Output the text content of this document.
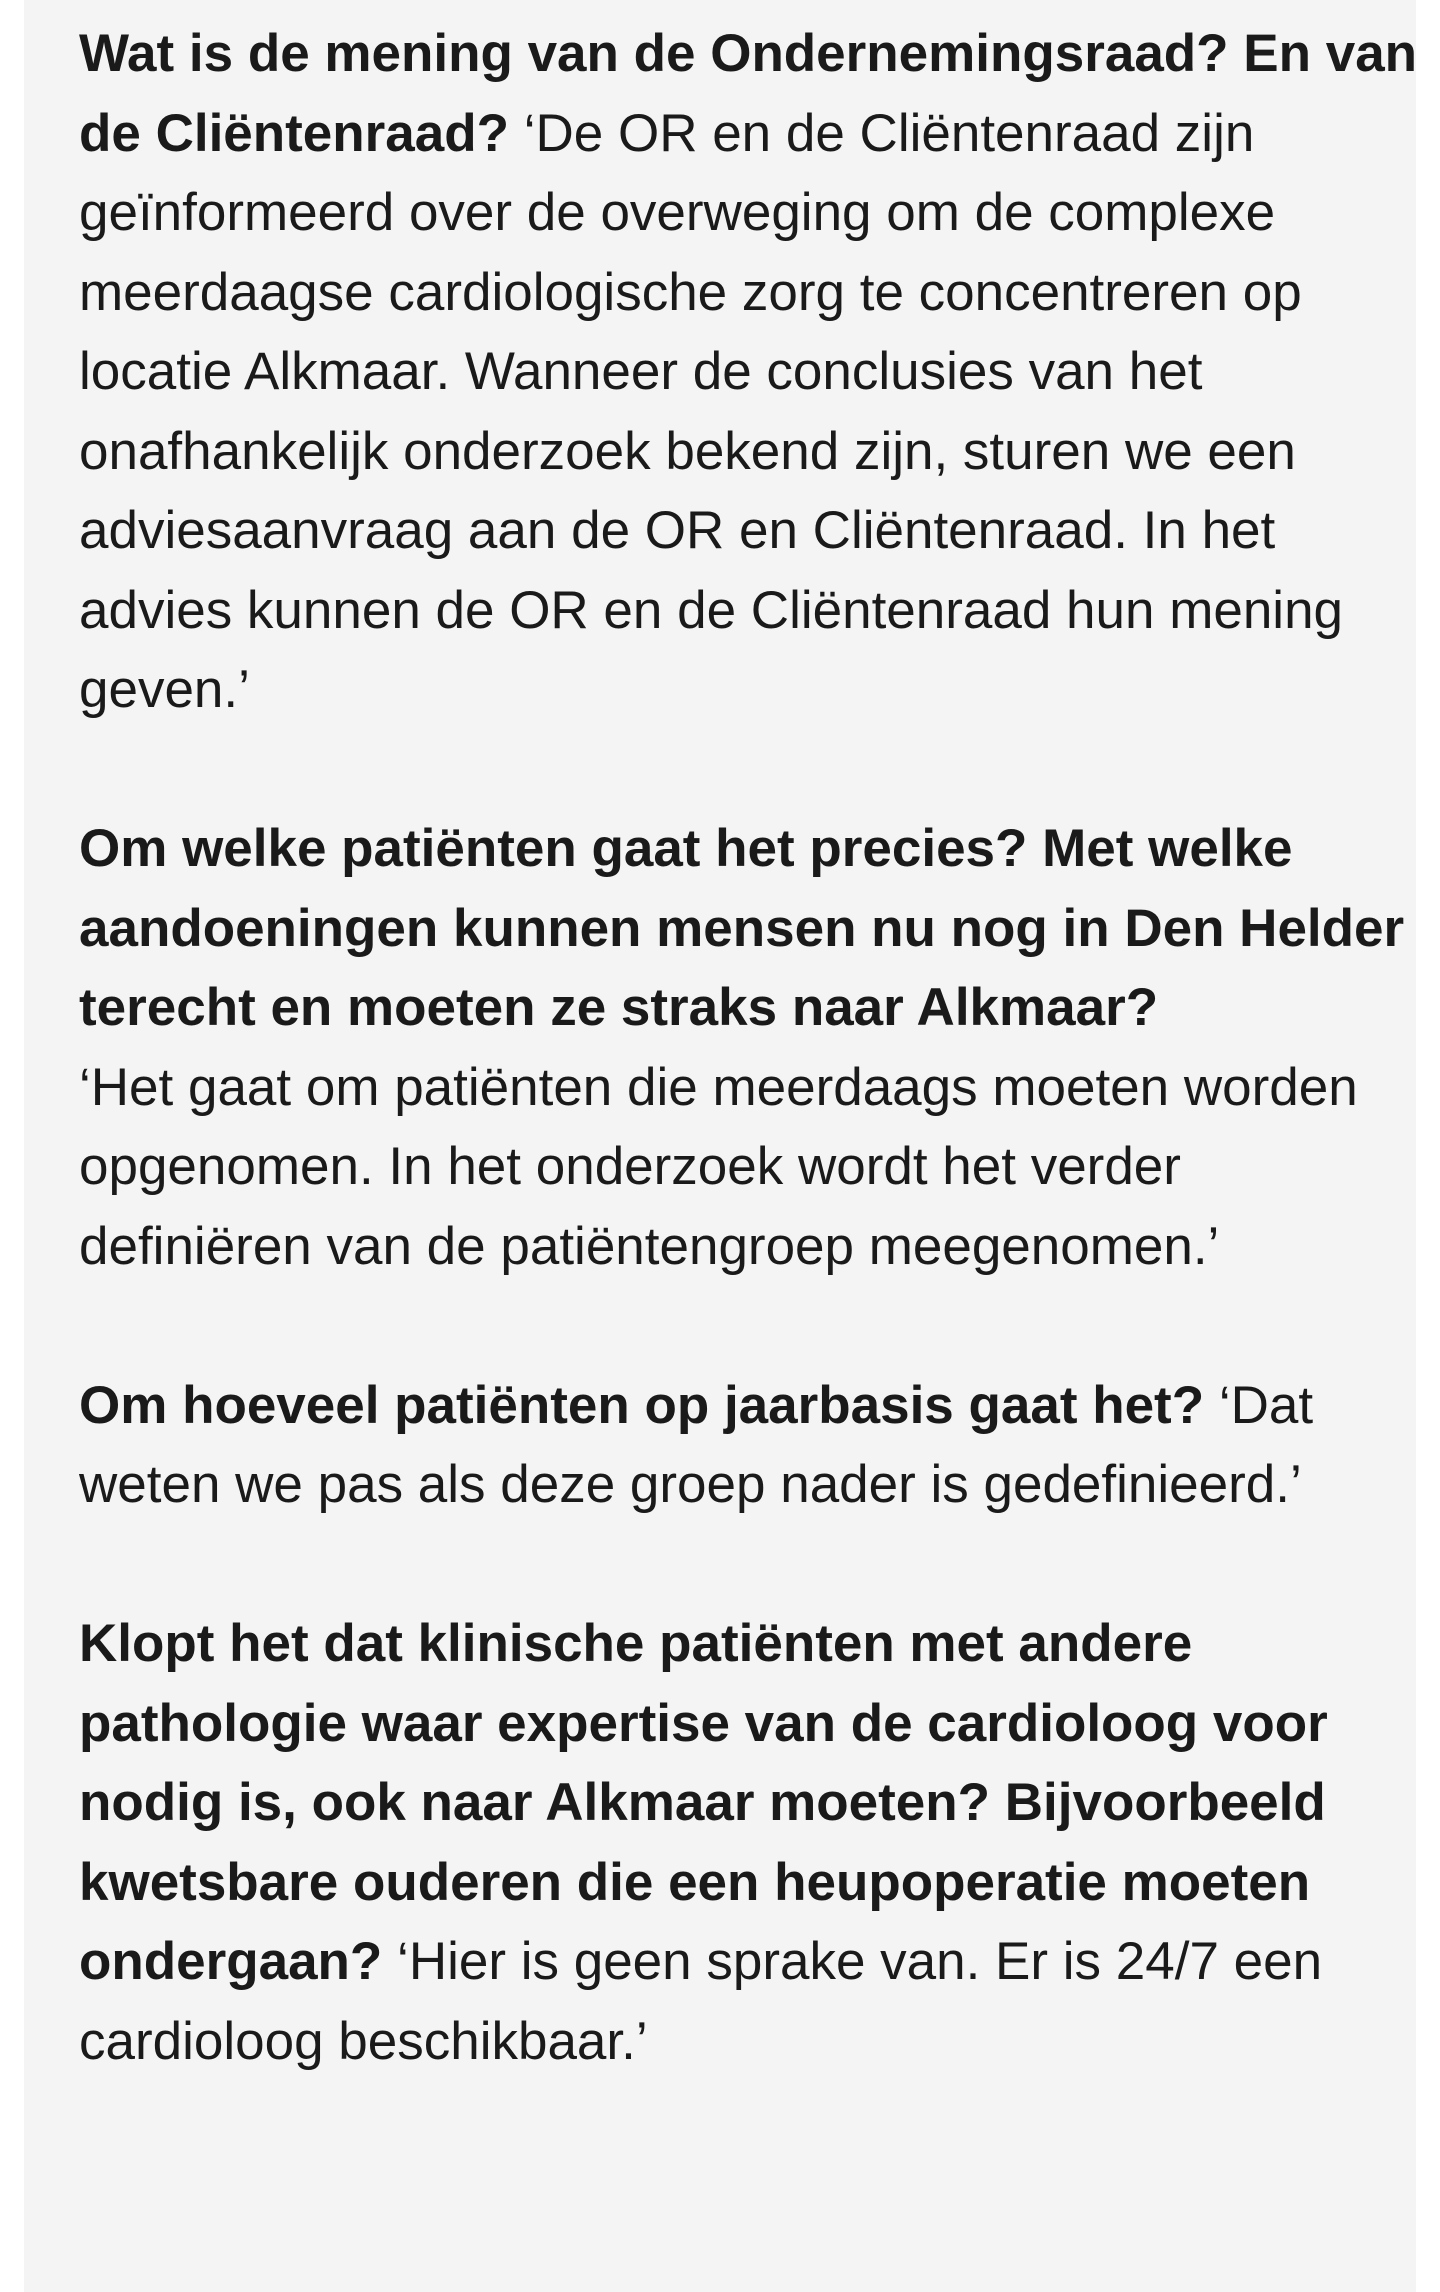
Wat is de mening van de Ondernemingsraad? En van de Cliëntenraad? ‘De OR en de Cliëntenraad zijn geïnformeerd over de overweging om de complexe meerdaagse cardiologische zorg te concentreren op locatie Alkmaar. Wanneer de conclusies van het onafhankelijk onderzoek bekend zijn, sturen we een adviesaanvraag aan de OR en Cliëntenraad. In het advies kunnen de OR en de Cliëntenraad hun mening geven.’

Om welke patiënten gaat het precies? Met welke aandoeningen kunnen mensen nu nog in Den Helder terecht en moeten ze straks naar Alkmaar?
‘Het gaat om patiënten die meerdaags moeten worden opgenomen. In het onderzoek wordt het verder definiëren van de patiëntengroep meegenomen.’

Om hoeveel patiënten op jaarbasis gaat het? ‘Dat weten we pas als deze groep nader is gedefinieerd.’

Klopt het dat klinische patiënten met andere pathologie waar expertise van de cardioloog voor nodig is, ook naar Alkmaar moeten? Bijvoorbeeld kwetsbare ouderen die een heupoperatie moeten ondergaan? ‘Hier is geen sprake van. Er is 24/7 een cardioloog beschikbaar.’
